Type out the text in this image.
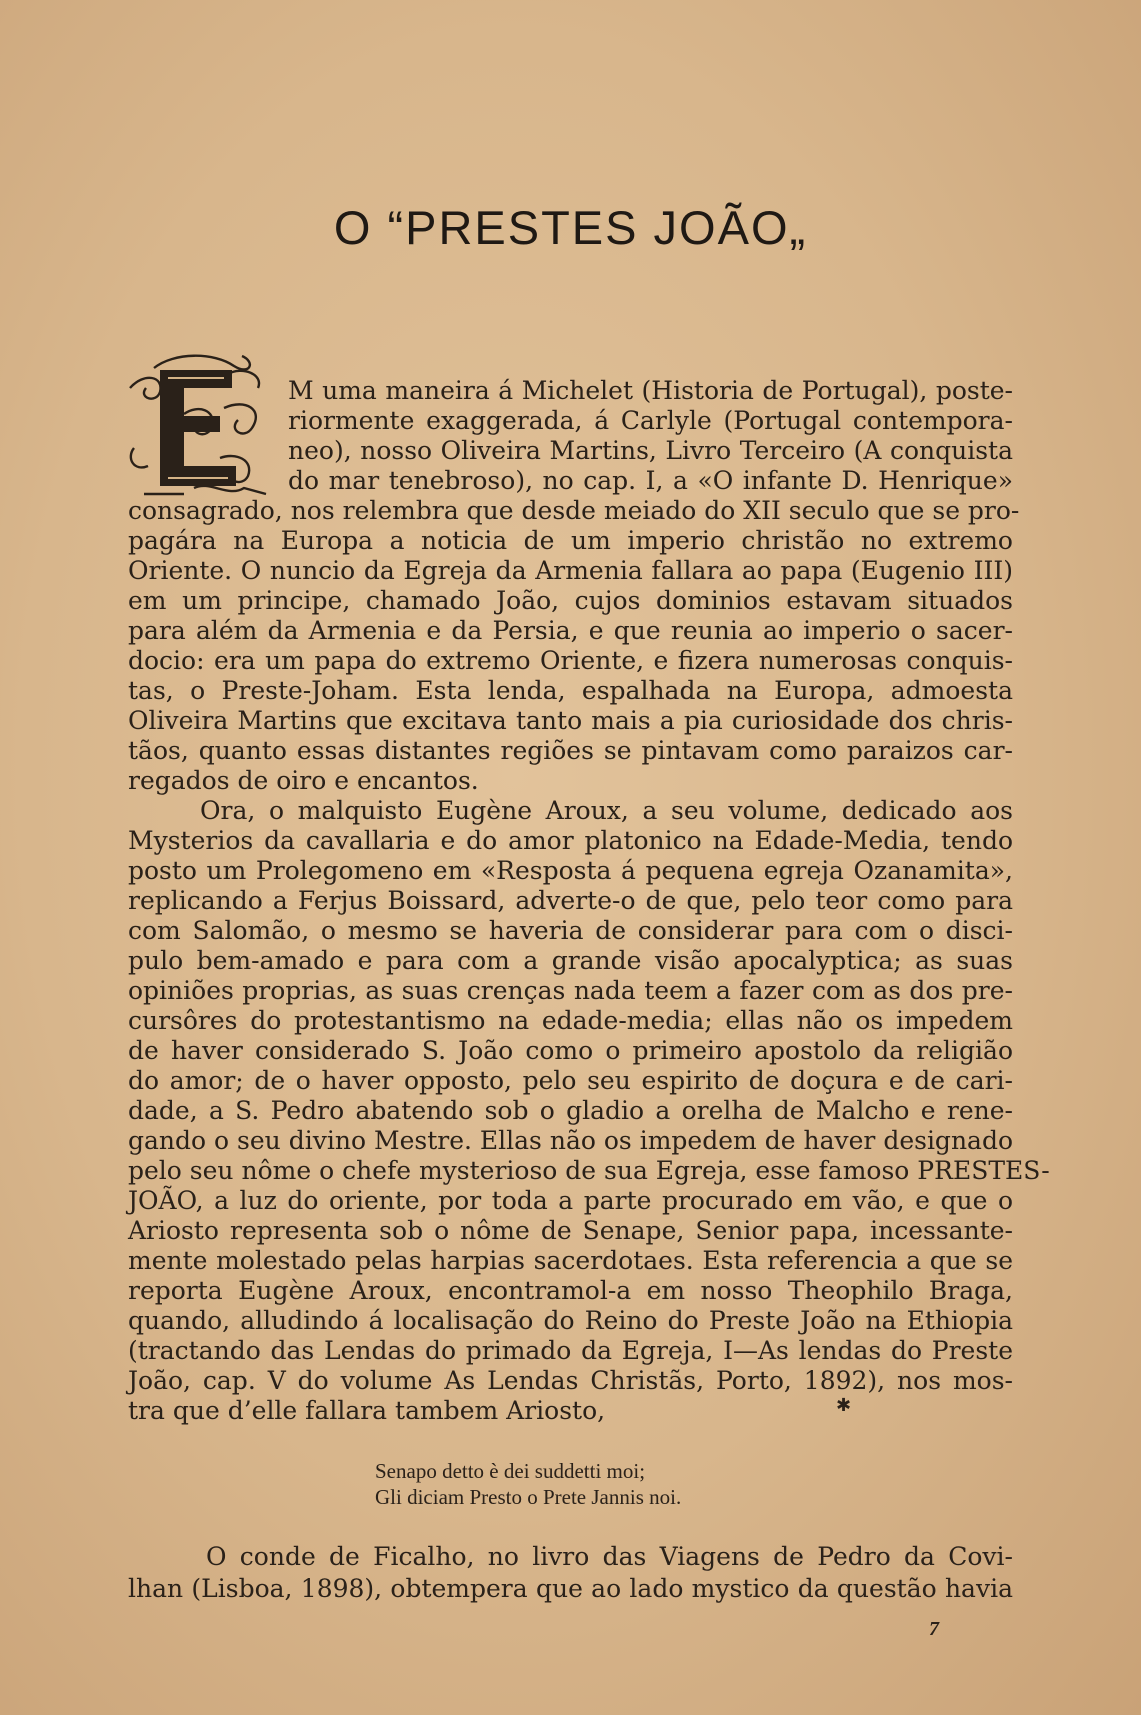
O “PRESTES JOÃO„
M uma maneira á Michelet (Historia de Portugal), poste-
riormente exaggerada, á Carlyle (Portugal contempora-
neo), nosso Oliveira Martins, Livro Terceiro (A conquista
do mar tenebroso), no cap. I, a «O infante D. Henrique»
consagrado, nos relembra que desde meiado do XII seculo que se pro-
pagára na Europa a noticia de um imperio christão no extremo
Oriente. O nuncio da Egreja da Armenia fallara ao papa (Eugenio III)
em um principe, chamado João, cujos dominios estavam situados
para além da Armenia e da Persia, e que reunia ao imperio o sacer-
docio: era um papa do extremo Oriente, e fizera numerosas conquis-
tas, o Preste-Joham. Esta lenda, espalhada na Europa, admoesta
Oliveira Martins que excitava tanto mais a pia curiosidade dos chris-
tãos, quanto essas distantes regiões se pintavam como paraizos car-
regados de oiro e encantos.
Ora, o malquisto Eugène Aroux, a seu volume, dedicado aos
Mysterios da cavallaria e do amor platonico na Edade-Media, tendo
posto um Prolegomeno em «Resposta á pequena egreja Ozanamita»,
replicando a Ferjus Boissard, adverte-o de que, pelo teor como para
com Salomão, o mesmo se haveria de considerar para com o disci-
pulo bem-amado e para com a grande visão apocalyptica; as suas
opiniões proprias, as suas crenças nada teem a fazer com as dos pre-
cursôres do protestantismo na edade-media; ellas não os impedem
de haver considerado S. João como o primeiro apostolo da religião
do amor; de o haver opposto, pelo seu espirito de doçura e de cari-
dade, a S. Pedro abatendo sob o gladio a orelha de Malcho e rene-
gando o seu divino Mestre. Ellas não os impedem de haver designado
pelo seu nôme o chefe mysterioso de sua Egreja, esse famoso PRESTES-
JOÃO, a luz do oriente, por toda a parte procurado em vão, e que o
Ariosto representa sob o nôme de Senape, Senior papa, incessante-
mente molestado pelas harpias sacerdotaes. Esta referencia a que se
reporta Eugène Aroux, encontramol-a em nosso Theophilo Braga,
quando, alludindo á localisação do Reino do Preste João na Ethiopia
(tractando das Lendas do primado da Egreja, I—As lendas do Preste
João, cap. V do volume As Lendas Christãs, Porto, 1892), nos mos-
tra que d’elle fallara tambem Ariosto,	✱
Senapo detto è dei suddetti moi;
Gli diciam Presto o Prete Jannis noi.
O conde de Ficalho, no livro das Viagens de Pedro da Covi-
lhan (Lisboa, 1898), obtempera que ao lado mystico da questão havia
7
